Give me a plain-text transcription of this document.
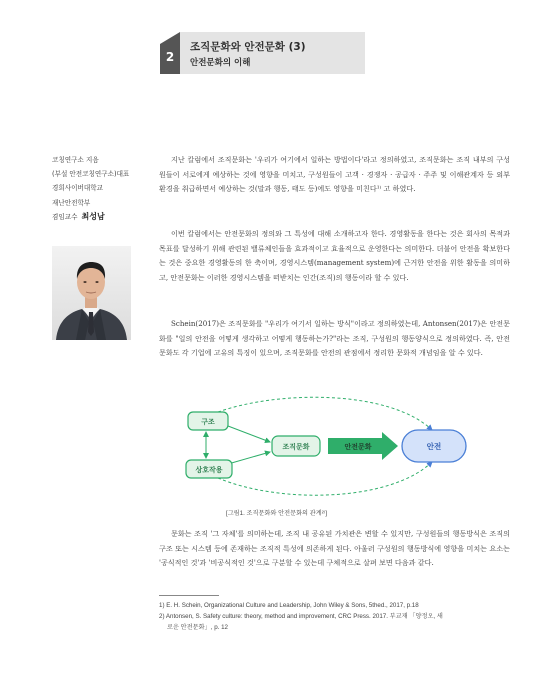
2
조직문화와 안전문화 (3)
안전문화의 이해
코칭연구소 지음
(부설 안전코칭연구소)대표
경희사이버대학교
재난안전학부
겸임교수 최성남

지난 칼럼에서 조직문화는 '우리가 여기에서 일하는 방법이다'라고 정의하였고, 조직문화는 조직 내부의 구성원들이 서로에게 예상하는 것에 영향을 미치고, 구성원들이 고객 · 경쟁자 · 공급자 · 주주 및 이해관계자 등 외부 환경을 취급하면서 예상하는 것(말과 행동, 태도 등)에도 영향을 미친다¹⁾ 고 하였다.

이번 칼럼에서는 안전문화의 정의와 그 특성에 대해 소개하고자 한다. 경영활동을 한다는 것은 회사의 목적과 목표를 달성하기 위해 관련된 밸류체인들을 효과적이고 효율적으로 운영한다는 의미한다. 더불어 안전을 확보한다는 것은 중요한 경영활동의 한 축이며, 경영시스템(management system)에 근거한 안전을 위한 활동을 의미하고, 안전문화는 이러한 경영시스템을 떠받치는 인간(조직)의 행동이라 할 수 있다.

Schein(2017)은 조직문화를 "우리가 여기서 일하는 방식"이라고 정의하였는데, Antonsen(2017)은 안전문화를 "일의 안전을 어떻게 생각하고 어떻게 행동하는가?"라는 조직, 구성원의 행동양식으로 정의하였다. 즉, 안전문화도 각 기업에 고유의 특징이 있으며, 조직문화를 안전의 관점에서 정리한 문화적 개념임을 알 수 있다.

구조
상호작용
조직문화	안전문화	안전
[그림1. 조직문화와 안전문화의 관계²⁾]

문화는 조직 '그 자체'를 의미하는데, 조직 내 공유된 가치관은 변할 수 있지만, 구성원들의 행동방식은 조직의 구조 또는 시스템 등에 존재하는 조직적 특성에 의존하게 된다. 아울러 구성원의 행동방식에 영향을 미치는 요소는 '공식적인 것'과 '비공식적인 것'으로 구분할 수 있는데 구체적으로 살펴 보면 다음과 같다.

1) E. H. Schein, Organizational Culture and Leadership, John Wiley & Sons, 5thed., 2017, p.18
2) Antonsen, S. Safety culture: theory, method and improvement, CRC Press. 2017. 부교재 「양정오, 새
로운 안전문화」, p. 12
